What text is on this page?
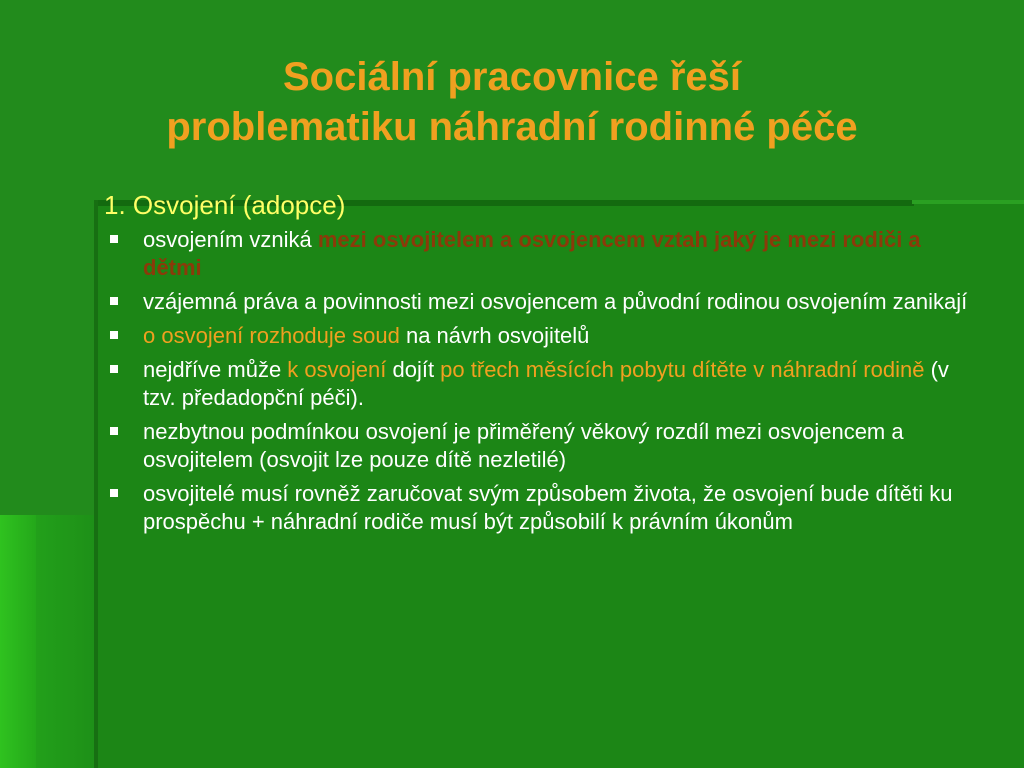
Sociální pracovnice řeší
problematiku náhradní rodinné péče

1. Osvojení (adopce)

osvojením vzniká mezi osvojitelem a osvojencem vztah jaký je mezi rodiči a dětmi
vzájemná práva a povinnosti mezi osvojencem a původní rodinou osvojením zanikají
o osvojení rozhoduje soud na návrh osvojitelů
nejdříve může k osvojení dojít po třech měsících pobytu dítěte v náhradní rodině (v tzv. předadopční péči).
nezbytnou podmínkou osvojení je přiměřený věkový rozdíl mezi osvojencem a osvojitelem (osvojit lze pouze dítě nezletilé)
osvojitelé musí rovněž zaručovat svým způsobem života, že osvojení bude dítěti ku prospěchu + náhradní rodiče musí být způsobilí k právním úkonům
